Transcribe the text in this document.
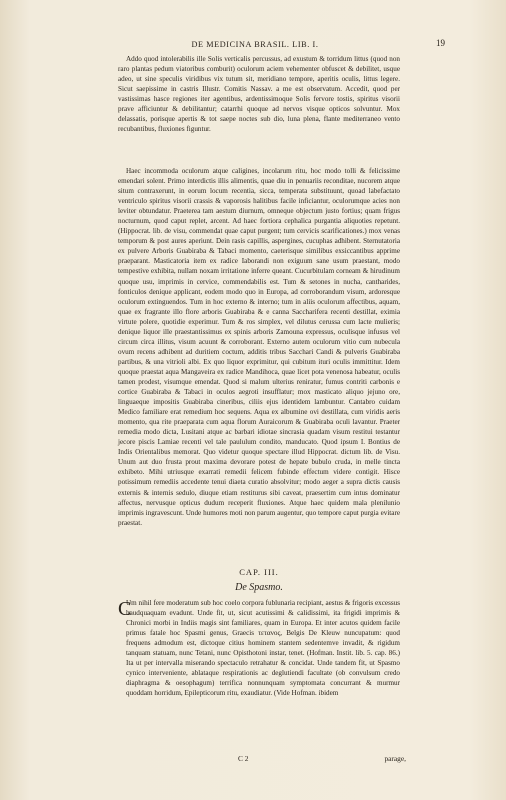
DE MEDICINA BRASIL. LIB. I.	19

Addo quod intolerabilis ille Solis verticalis percussus, ad exustum & torridum littus (quod non raro plantas pedum viatoribus comburit) oculorum aciem vehementer obfuscet & debilitet, usque adeo, ut sine speculis viridibus vix tutum sit, meridiano tempore, aperitis oculis, littus legere. Sicut saepissime in castris Illustr. Comitis Nassav. a me est observatum. Accedit, quod per vastissimas hasce regiones iter agentibus, ardentissimoque Solis fervore tostis, spiritus visorii prave afficiuntur & debilitantur; catarrhi quoque ad nervos visque opticos solvuntur. Mox delassatis, porisque apertis & tot saepe noctes sub dio, luna plena, flante mediterraneo vento recubantibus, fluxiones figuntur.

Haec incommoda oculorum atque caligines, incolarum ritu, hoc modo tolli & felicissime emendari solent. Primo interdictis illis alimentis, quae diu in penuariis reconditae, nucorem atque situm contraxerunt, in eorum locum recentia, sicca, temperata substituunt, quoad labefactato ventriculo spiritus visorii crassis & vaporosis halitibus facile inficiantur, oculorumque acies non leviter obtundatur. Praeterea tam aestum diurnum, omneque objectum justo fortius; quam frigus nocturnum, quod caput replet, arcent. Ad haec fortiora cephalica purgantia aliquoties repetunt. (Hippocrat. lib. de visu, commendat quae caput purgent; tum cervicis scarificationes.) mox venas temporum & post aures aperiunt. Dein rasis capillis, aspergines, cucuphas adhibent. Sternutatoria ex pulvere Arboris Guabiraba & Tabaci momento, caeterisque similibus exsiccantibus apprime praeparant. Masticatoria item ex radice Iaborandi non exiguum sane usum praestant, modo tempestive exhibita, nullam noxam irritatione inferre queant. Cucurbitulam corneam & hirudinum quoque usu, imprimis in cervice, commendabilis est. Tum & setones in nucha, cantharides, fonticulos denique applicant, eodem modo quo in Europa, ad corroborandum visum, ardoresque oculorum extinguendos. Tum in hoc externo & interno; tum in aliis oculorum affectibus, aquam, quae ex fragrante illo flore arboris Guabiraba & e canna Saccharifera recenti destillat, eximia virtute polere, quotidie experimur. Tum & ros simplex, vel dilutus cerussa cum lacte mulieris; denique liquor ille praestantissimus ex spinis arboris Zamouna expressus, oculisque infusus vel circum circa illitus, visum acuunt & corroborant. Externo autem oculorum vitio cum nubecula ovum recens adhibent ad duritiem coctum, additis tribus Sacchari Candi & pulveris Guabiraba partibus, & una vitrioli albi. Ex quo liquor exprimitur, qui cubitum ituri oculis immittitur. Idem quoque praestat aqua Mangaveira ex radice Mandihoca, quae licet pota venenosa habeatur, oculis tamen prodest, visumque emendat. Quod si malum ulterius reniratur, fumus contriti carbonis e cortice Guabiraba & Tabaci in oculos aegroti insufflatur; mox masticato aliquo jejuno ore, linguaeque impositis Guabiraba cineribus, ciliis ejus identidem lambuntur. Cantabro cuidam Medico familiare erat remedium hoc sequens. Aqua ex albumine ovi destillata, cum viridis aeris momento, qua rite praeparata cum aqua florum Auraicorum & Guabiraba oculi lavantur. Praeter remedia modo dicta, Lusitani atque ac barbari idiotae sincrasia quadam visum restitui testantur jecore piscis Lamiae recenti vel tale paululum condito, manducato. Quod ipsum I. Bontius de Indis Orientalibus memorat. Quo videtur quoque spectare illud Hippocrat. dictum lib. de Visu. Unum aut duo frusta prout maxima devorare potest de hepate bubulo cruda, in melle tincta exhibeto. Mihi utriusque exarrati remedii felicem fubinde effectum videre contigit. Hisce potissimum remediis accedente tenui diaeta curatio absolvitur; modo aeger a supra dictis causis externis & internis sedulo, diuque etiam restiturus sibi caveat, praesertim cum intus dominatur affectus, nervusque opticus dudum receperit fluxiones. Atque haec quidem mala plenilunio imprimis ingravescunt. Unde humores moti non parum augentur, quo tempore caput purgia evitare praestat.

CAP. III.
De Spasmo.
C

Um nihil fere moderatum sub hoc coelo corpora fublunaria recipiant, aestus & frigoris excessus haudquaquam evadunt. Unde fit, ut, sicut acutissimi & calidissimi, ita frigidi imprimis & Chronici morbi in Indiis magis sint familiares, quam in Europa. Et inter acutos quidem facile primus fatale hoc Spasmi genus, Graecis τετανος, Belgis De Kleuw nuncupatum: quod frequens admodum est, dictoque citius hominem stantem sedentemve invadit, & rigidum tanquam statuam, nunc Tetani, nunc Opisthotoni instar, tenet. (Hofman. Instit. lib. 5. cap. 86.) Ita ut per intervalla miserando spectaculo retrahatur & concidat. Unde tandem fit, ut Spasmo cynico interveniente, ablataque respirationis ac deglutiendi facultate (ob convulsum credo diaphragma & oesophagum) terrifica nonnunquam symptomata concurrant & murmur quoddam horridum, Epilepticorum ritu, exaudiatur. (Vide Hofman. ibidem

C 2	parage,
